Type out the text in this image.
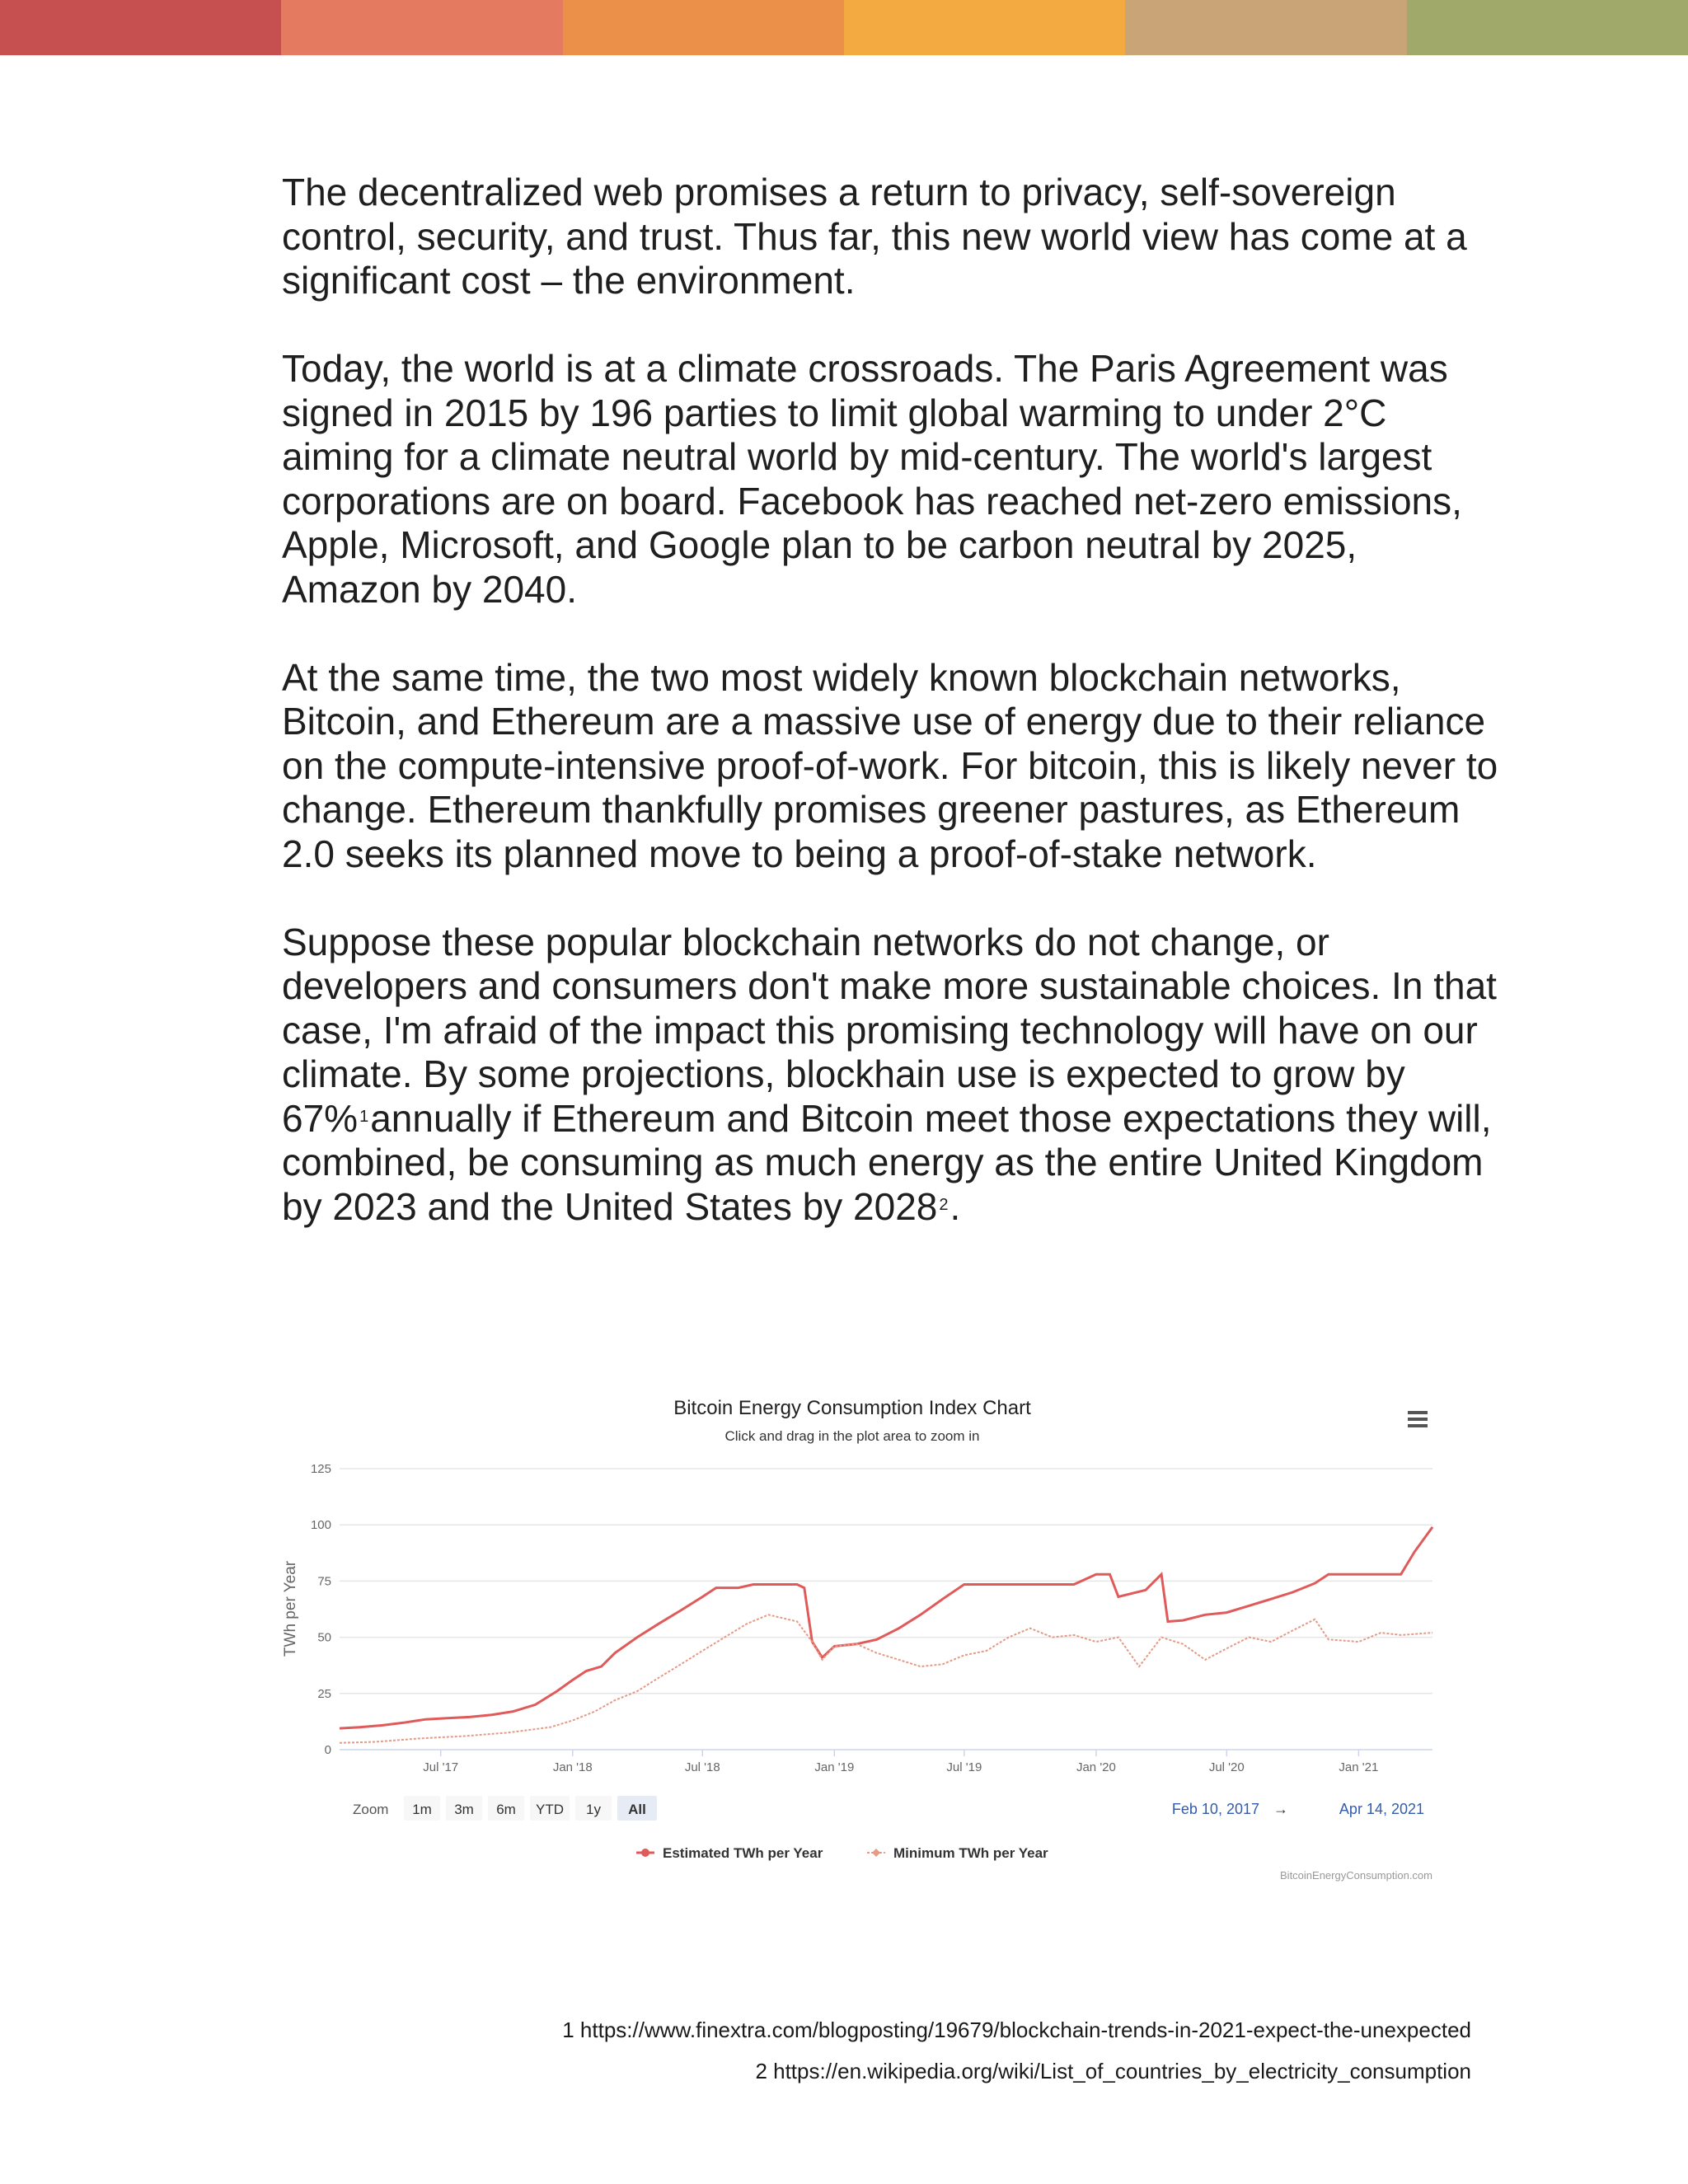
The decentralized web promises a return to privacy, self-sovereign control, security, and trust. Thus far, this new world view has come at a significant cost – the environment.

Today, the world is at a climate crossroads. The Paris Agreement was signed in 2015 by 196 parties to limit global warming to under 2°C aiming for a climate neutral world by mid-century. The world's largest corporations are on board. Facebook has reached net-zero emissions, Apple, Microsoft, and Google plan to be carbon neutral by 2025, Amazon by 2040.

At the same time, the two most widely known blockchain networks, Bitcoin, and Ethereum are a massive use of energy due to their reliance on the compute-intensive proof-of-work. For bitcoin, this is likely never to change. Ethereum thankfully promises greener pastures, as Ethereum 2.0 seeks its planned move to being a proof-of-stake network.

Suppose these popular blockchain networks do not change, or developers and consumers don't make more sustainable choices. In that case, I'm afraid of the impact this promising technology will have on our climate. By some projections, blockhain use is expected to grow by 67% $^1$annually if Ethereum and Bitcoin meet those expectations they will, combined, be consuming as much energy as the entire United Kingdom by 2023 and the United States by 2028 $^2$.

Bitcoin Energy Consumption Index Chart
Click and drag in the plot area to zoom in
TWh per Year
0
25
50
75
100
125
Jul '17	Jan '18	Jul '18	Jan '19	Jul '19	Jan '20	Jul '20	Jan '21
Zoom 1m 3m 6m YTD 1y All	Feb 10, 2017 →	Apr 14, 2021
Estimated TWh per Year	Minimum TWh per Year
BitcoinEnergyConsumption.com
1 https://www.finextra.com/blogposting/19679/blockchain-trends-in-2021-expect-the-unexpected
2 https://en.wikipedia.org/wiki/List_of_countries_by_electricity_consumption
